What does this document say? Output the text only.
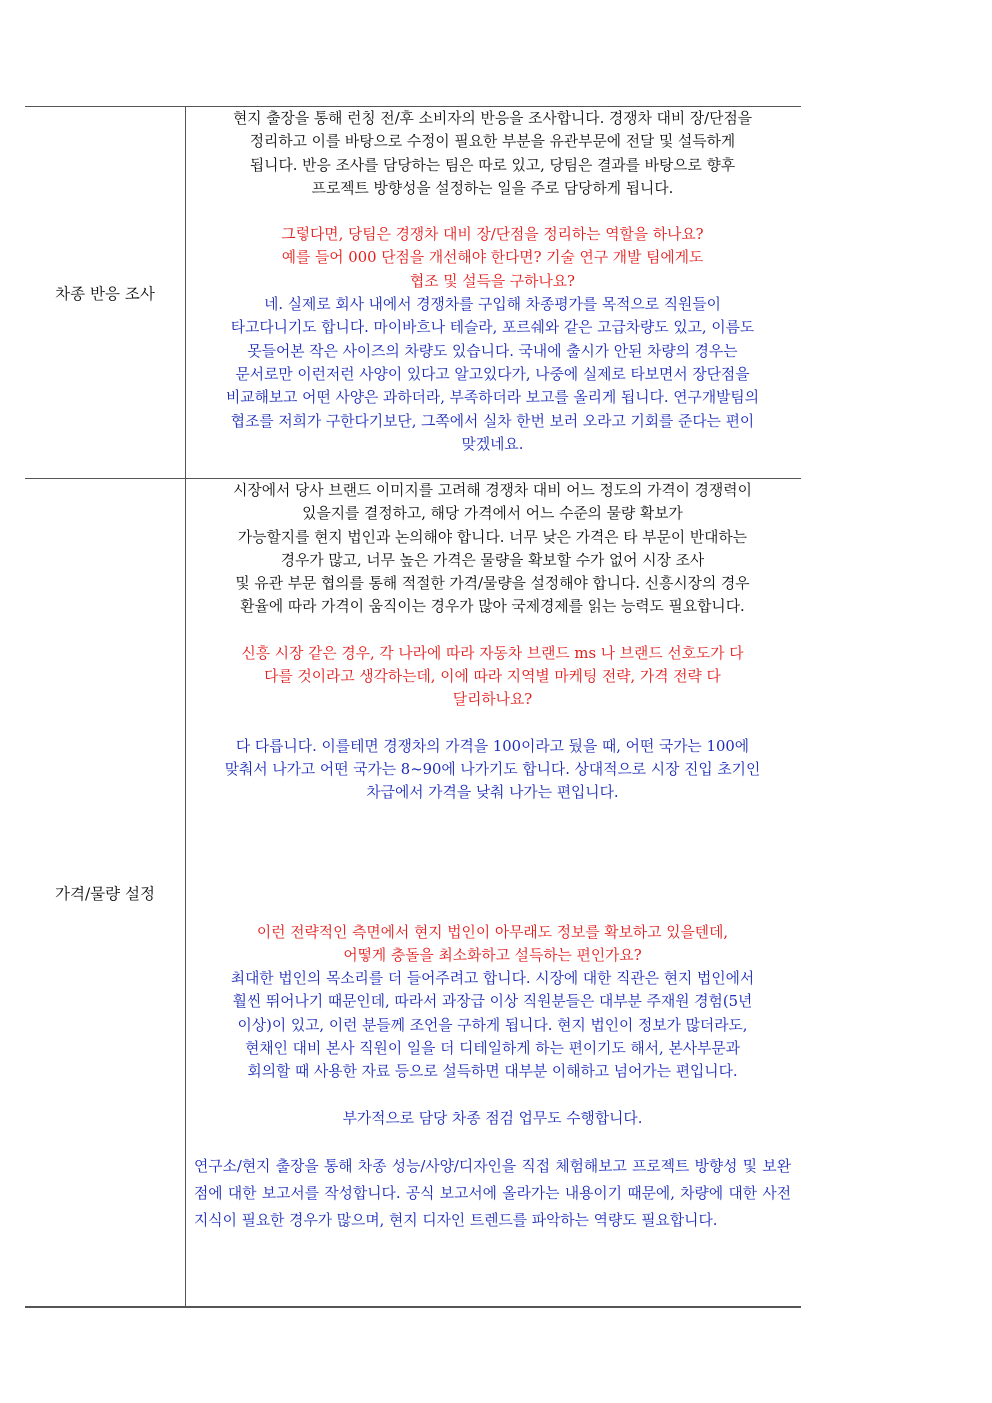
차종 반응 조사

현지 출장을 통해 런칭 전/후 소비자의 반응을 조사합니다. 경쟁차 대비 장/단점을
정리하고 이를 바탕으로 수정이 필요한 부분을 유관부문에 전달 및 설득하게
됩니다. 반응 조사를 담당하는 팀은 따로 있고, 당팀은 결과를 바탕으로 향후
프로젝트 방향성을 설정하는 일을 주로 담당하게 됩니다.

그렇다면, 당팀은 경쟁차 대비 장/단점을 정리하는 역할을 하나요?
예를 들어 000 단점을 개선해야 한다면? 기술 연구 개발 팀에게도
협조 및 설득을 구하나요?

네. 실제로 회사 내에서 경쟁차를 구입해 차종평가를 목적으로 직원들이
타고다니기도 합니다. 마이바흐나 테슬라, 포르쉐와 같은 고급차량도 있고, 이름도
못들어본 작은 사이즈의 차량도 있습니다. 국내에 출시가 안된 차량의 경우는
문서로만 이런저런 사양이 있다고 알고있다가, 나중에 실제로 타보면서 장단점을
비교해보고 어떤 사양은 과하더라, 부족하더라 보고를 올리게 됩니다. 연구개발팀의
협조를 저희가 구한다기보단, 그쪽에서 실차 한번 보러 오라고 기회를 준다는 편이
맞겠네요.

가격/물량 설정

시장에서 당사 브랜드 이미지를 고려해 경쟁차 대비 어느 정도의 가격이 경쟁력이
있을지를 결정하고, 해당 가격에서 어느 수준의 물량 확보가
가능할지를 현지 법인과 논의해야 합니다. 너무 낮은 가격은 타 부문이 반대하는
경우가 많고, 너무 높은 가격은 물량을 확보할 수가 없어 시장 조사
및 유관 부문 협의를 통해 적절한 가격/물량을 설정해야 합니다. 신흥시장의 경우
환율에 따라 가격이 움직이는 경우가 많아 국제경제를 읽는 능력도 필요합니다.

신흥 시장 같은 경우, 각 나라에 따라 자동차 브랜드 ms 나 브랜드 선호도가 다
다를 것이라고 생각하는데, 이에 따라 지역별 마케팅 전략, 가격 전략 다
달리하나요?

다 다릅니다. 이를테면 경쟁차의 가격을 100이라고 뒀을 때, 어떤 국가는 100에
맞춰서 나가고 어떤 국가는 8~90에 나가기도 합니다. 상대적으로 시장 진입 초기인
차급에서 가격을 낮춰 나가는 편입니다.

이런 전략적인 측면에서 현지 법인이 아무래도 정보를 확보하고 있을텐데,
어떻게 충돌을 최소화하고 설득하는 편인가요?

최대한 법인의 목소리를 더 들어주려고 합니다. 시장에 대한 직관은 현지 법인에서
훨씬 뛰어나기 때문인데, 따라서 과장급 이상 직원분들은 대부분 주재원 경험(5년
이상)이 있고, 이런 분들께 조언을 구하게 됩니다. 현지 법인이 정보가 많더라도,
현채인 대비 본사 직원이 일을 더 디테일하게 하는 편이기도 해서, 본사부문과
회의할 때 사용한 자료 등으로 설득하면 대부분 이해하고 넘어가는 편입니다.

부가적으로 담당 차종 점검 업무도 수행합니다.

연구소/현지 출장을 통해 차종 성능/사양/디자인을 직접 체험해보고 프로젝트 방향성 및 보완점에 대한 보고서를 작성합니다. 공식 보고서에 올라가는 내용이기 때문에, 차량에 대한 사전 지식이 필요한 경우가 많으며, 현지 디자인 트렌드를 파악하는 역량도 필요합니다.
